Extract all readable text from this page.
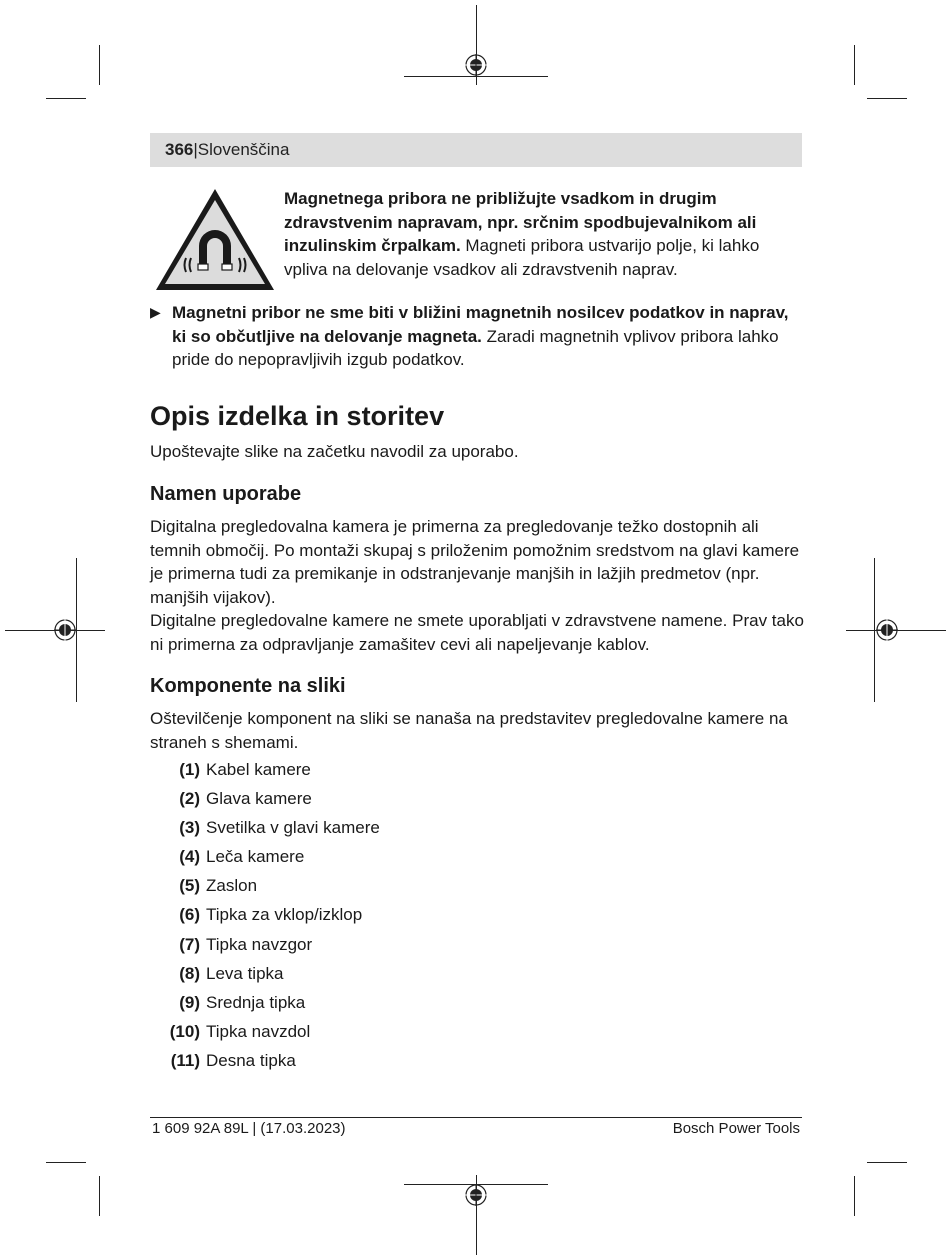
366|Slovenščina
Magnetnega pribora ne približujte vsadkom in drugim zdravstvenim napravam, npr. srčnim spodbujevalnikom ali inzulinskim črpalkam. Magneti pribora ustvarijo polje, ki lahko vpliva na delovanje vsadkov ali zdravstvenih naprav.
▶ Magnetni pribor ne sme biti v bližini magnetnih nosilcev podatkov in naprav, ki so občutljive na delovanje magneta. Zaradi magnetnih vplivov pribora lahko pride do nepopravljivih izgub podatkov.
Opis izdelka in storitev

Upoštevajte slike na začetku navodil za uporabo.

Namen uporabe

Digitalna pregledovalna kamera je primerna za pregledovanje težko dostopnih ali temnih območij. Po montaži skupaj s priloženim pomožnim sredstvom na glavi kamere je primerna tudi za premikanje in odstranjevanje manjših in lažjih predmetov (npr. manjših vijakov).

Digitalne pregledovalne kamere ne smete uporabljati v zdravstvene namene. Prav tako ni primerna za odpravljanje zamašitev cevi ali napeljevanje kablov.

Komponente na sliki

Oštevilčenje komponent na sliki se nanaša na predstavitev pregledovalne kamere na straneh s shemami.

(1) Kabel kamere
(2) Glava kamere
(3) Svetilka v glavi kamere
(4) Leča kamere
(5) Zaslon
(6) Tipka za vklop/izklop
(7) Tipka navzgor
(8) Leva tipka
(9) Srednja tipka
(10) Tipka navzdol
(11) Desna tipka
1 609 92A 89L | (17.03.2023)	Bosch Power Tools
